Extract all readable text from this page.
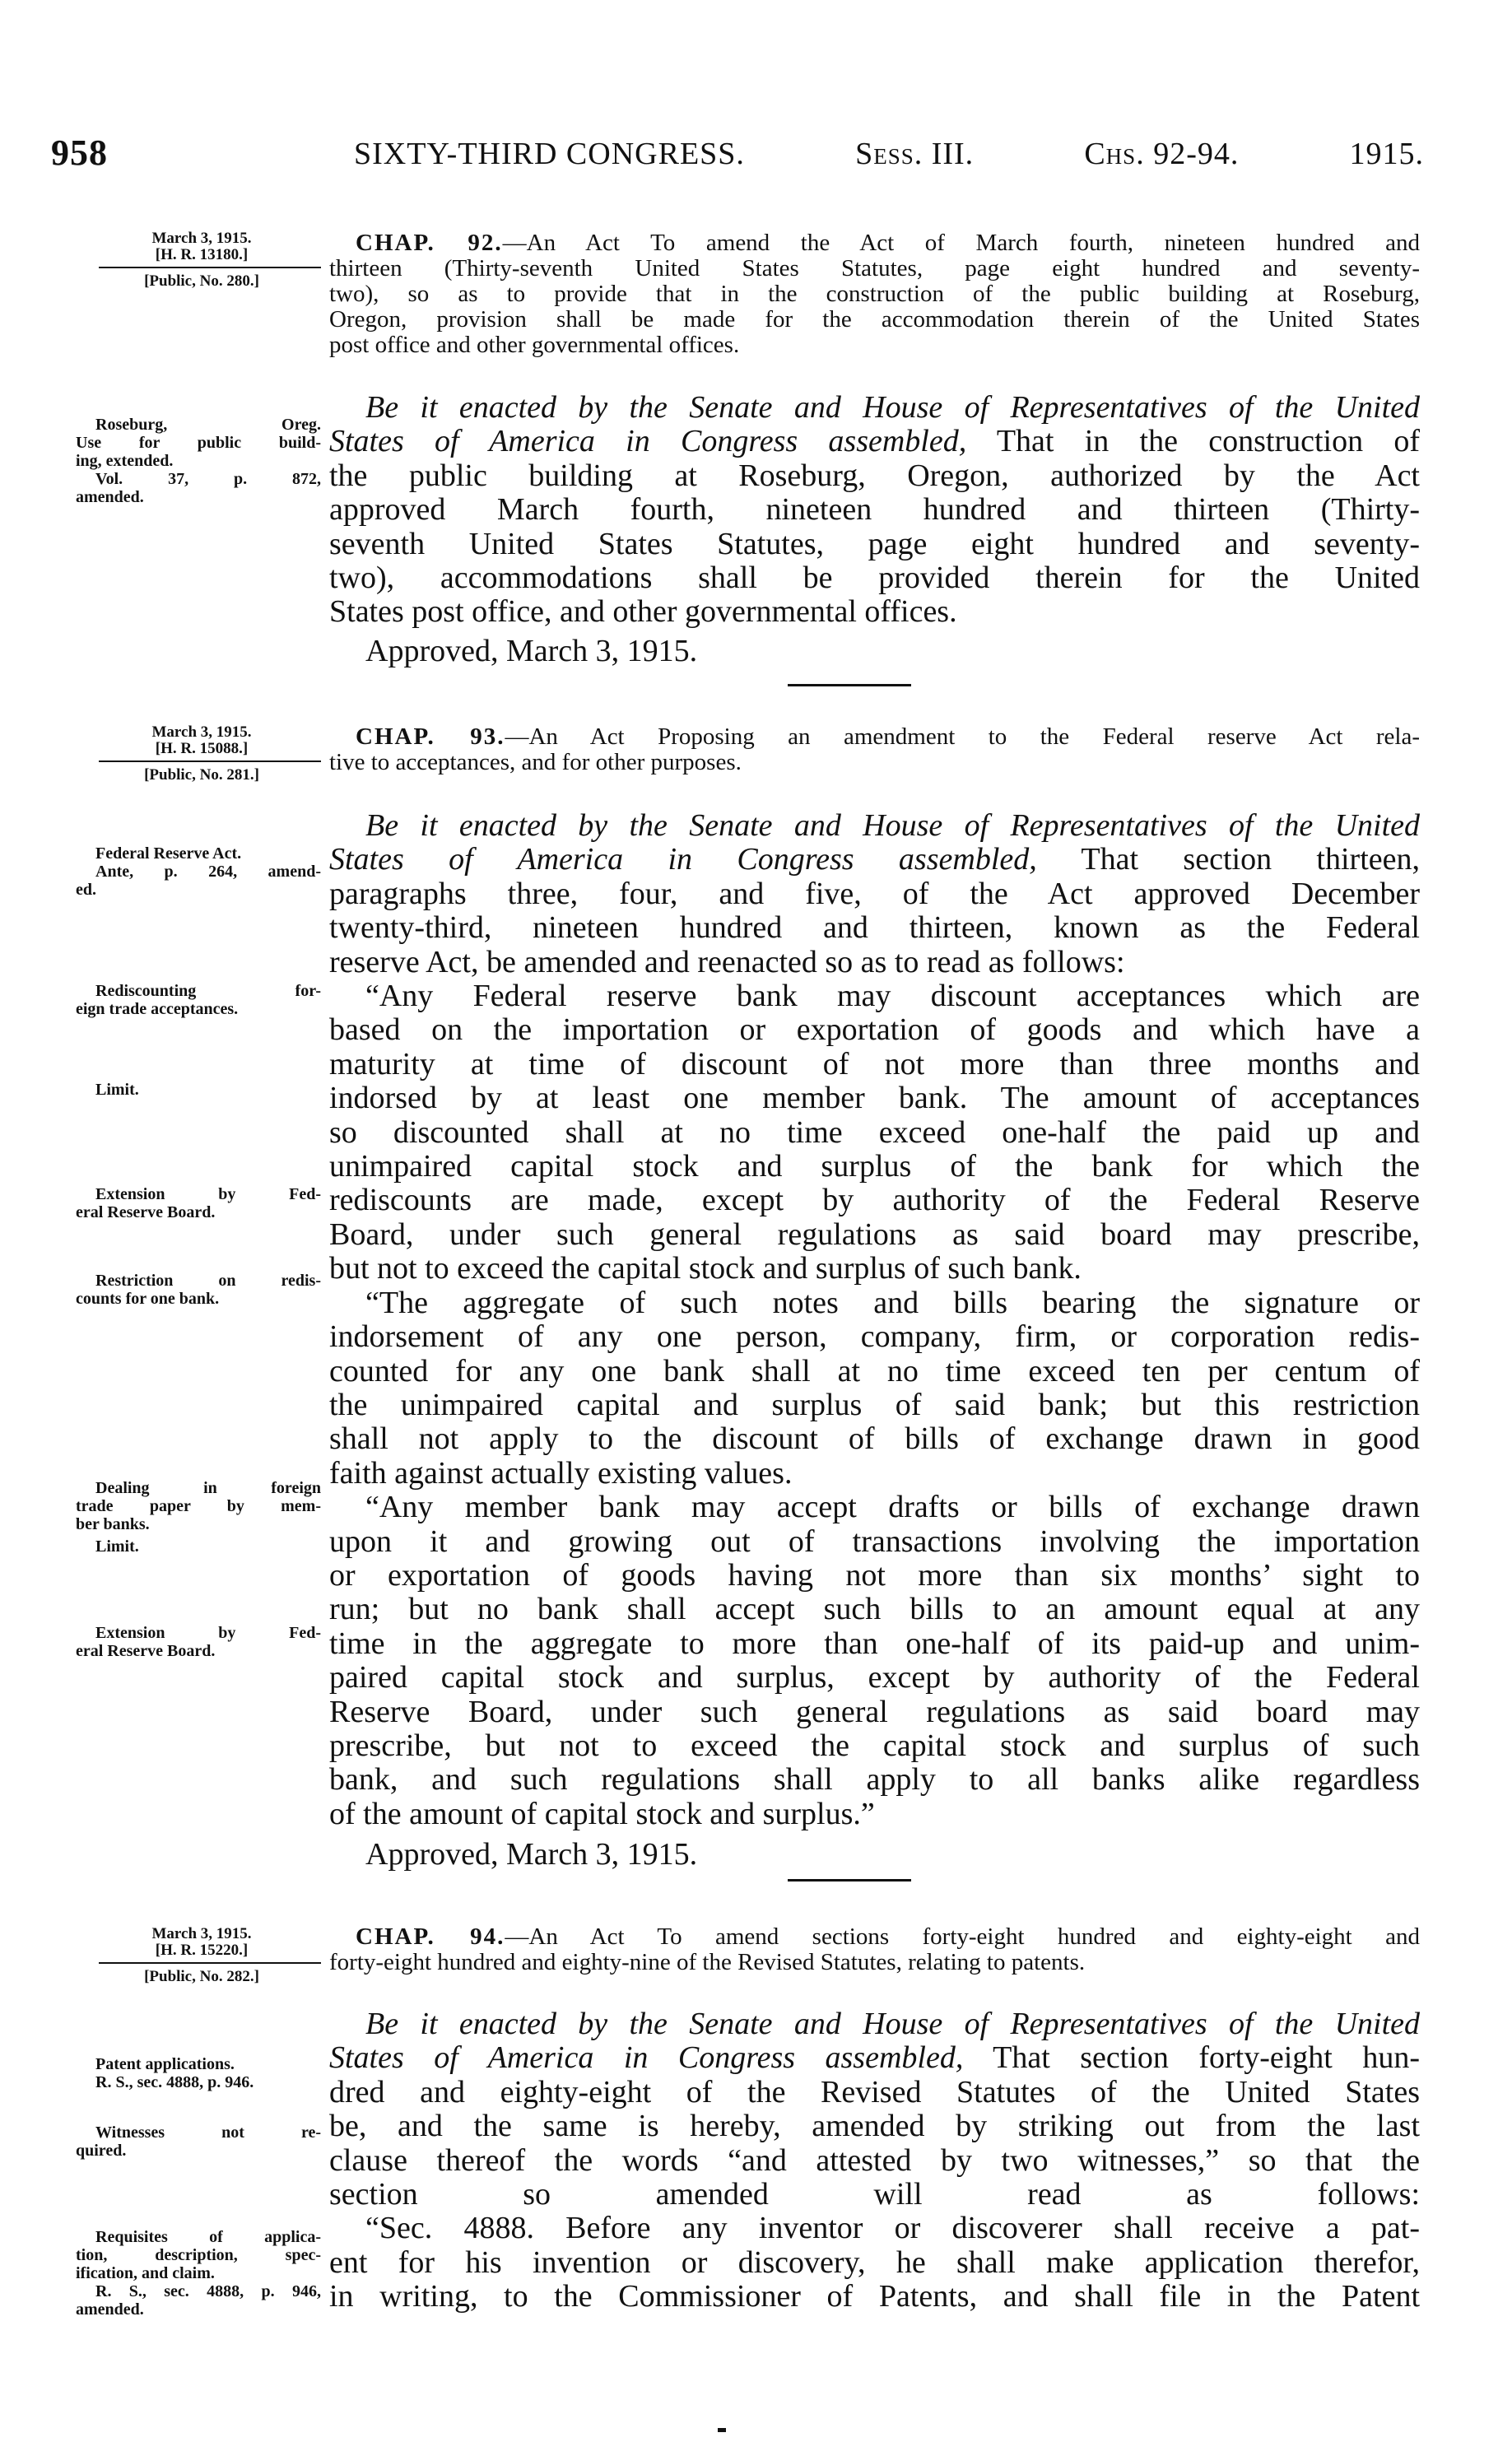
958	SIXTY-THIRD CONGRESS.	Sess. III.	Chs. 92-94.	1915.
March 3, 1915.
[H. R. 13180.]
[Public, No. 280.]
CHAP. 92.—An Act To amend the Act of March fourth, nineteen hundred and
thirteen (Thirty-seventh United States Statutes, page eight hundred and seventy-
two), so as to provide that in the construction of the public building at Roseburg,
Oregon, provision shall be made for the accommodation therein of the United States
post office and other governmental offices.
Be it enacted by the Senate and House of Representatives of the United
States of America in Congress assembled, That in the construction of
the public building at Roseburg, Oregon, authorized by the Act
approved March fourth, nineteen hundred and thirteen (Thirty-
seventh United States Statutes, page eight hundred and seventy-
two), accommodations shall be provided therein for the United
States post office, and other governmental offices.
Approved, March 3, 1915.
Roseburg, Oreg.
Use for public build-
ing, extended.
Vol. 37, p. 872,
amended.
March 3, 1915.
[H. R. 15088.]
[Public, No. 281.]
CHAP. 93.—An Act Proposing an amendment to the Federal reserve Act rela-
tive to acceptances, and for other purposes.
Be it enacted by the Senate and House of Representatives of the United
States of America in Congress assembled, That section thirteen,
paragraphs three, four, and five, of the Act approved December
twenty-third, nineteen hundred and thirteen, known as the Federal
reserve Act, be amended and reenacted so as to read as follows:
“Any Federal reserve bank may discount acceptances which are
based on the importation or exportation of goods and which have a
maturity at time of discount of not more than three months and
indorsed by at least one member bank. The amount of acceptances
so discounted shall at no time exceed one-half the paid up and
unimpaired capital stock and surplus of the bank for which the
rediscounts are made, except by authority of the Federal Reserve
Board, under such general regulations as said board may prescribe,
but not to exceed the capital stock and surplus of such bank.
“The aggregate of such notes and bills bearing the signature or
indorsement of any one person, company, firm, or corporation redis-
counted for any one bank shall at no time exceed ten per centum of
the unimpaired capital and surplus of said bank; but this restriction
shall not apply to the discount of bills of exchange drawn in good
faith against actually existing values.
“Any member bank may accept drafts or bills of exchange drawn
upon it and growing out of transactions involving the importation
or exportation of goods having not more than six months’ sight to
run; but no bank shall accept such bills to an amount equal at any
time in the aggregate to more than one-half of its paid-up and unim-
paired capital stock and surplus, except by authority of the Federal
Reserve Board, under such general regulations as said board may
prescribe, but not to exceed the capital stock and surplus of such
bank, and such regulations shall apply to all banks alike regardless
of the amount of capital stock and surplus.”
Approved, March 3, 1915.
Federal Reserve Act.
Ante, p. 264, amend-
ed.
Rediscounting for-
eign trade acceptances.
Limit.
Extension by Fed-
eral Reserve Board.
Restriction on redis-
counts for one bank.
Dealing in foreign
trade paper by mem-
ber banks.
Limit.
Extension by Fed-
eral Reserve Board.
March 3, 1915.
[H. R. 15220.]
[Public, No. 282.]
CHAP. 94.—An Act To amend sections forty-eight hundred and eighty-eight and
forty-eight hundred and eighty-nine of the Revised Statutes, relating to patents.
Be it enacted by the Senate and House of Representatives of the United
States of America in Congress assembled, That section forty-eight hun-
dred and eighty-eight of the Revised Statutes of the United States
be, and the same is hereby, amended by striking out from the last
clause thereof the words “and attested by two witnesses,” so that the
section so amended will read as follows:
“Sec. 4888. Before any inventor or discoverer shall receive a pat-
ent for his invention or discovery, he shall make application therefor,
in writing, to the Commissioner of Patents, and shall file in the Patent
Patent applications.
R. S., sec. 4888, p. 946.
Witnesses not re-
quired.
Requisites of applica-
tion, description, spec-
ification, and claim.
R. S., sec. 4888, p. 946,
amended.
